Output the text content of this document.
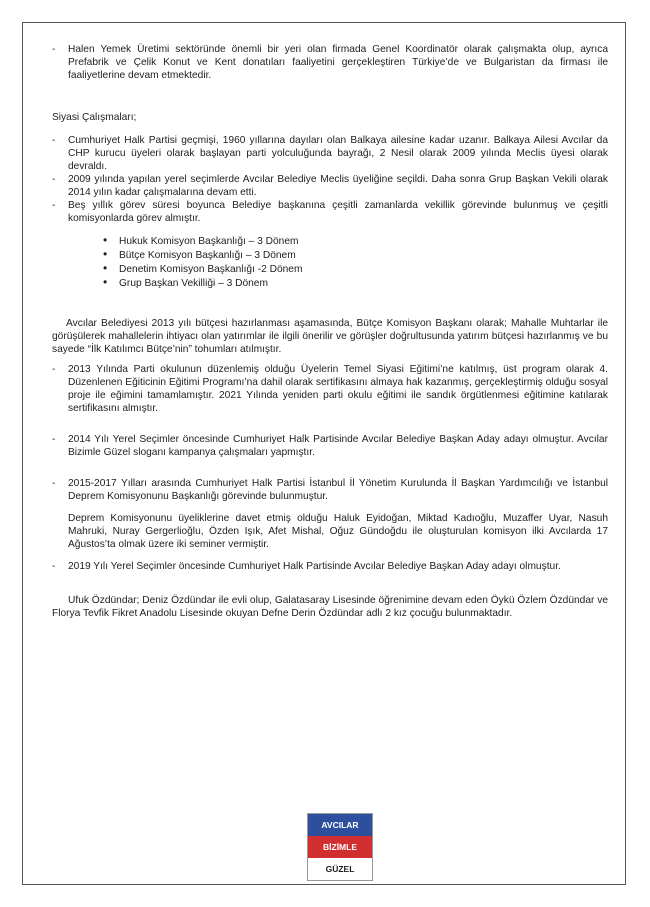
- Halen Yemek Üretimi sektöründe önemli bir yeri olan firmada Genel Koordinatör olarak çalışmakta olup, ayrıca Prefabrik ve Çelik Konut ve Kent donatıları faaliyetini gerçekleştiren Türkiye’de ve Bulgaristan da firması ile faaliyetlerine devam etmektedir.
Siyasi Çalışmaları;
- Cumhuriyet Halk Partisi geçmişi, 1960 yıllarına dayıları olan Balkaya ailesine kadar uzanır. Balkaya Ailesi Avcılar da CHP kurucu üyeleri olarak başlayan parti yolculuğunda bayrağı, 2 Nesil olarak 2009 yılında Meclis üyesi olarak devraldı.
- 2009 yılında yapılan yerel seçimlerde Avcılar Belediye Meclis üyeliğine seçildi. Daha sonra Grup Başkan Vekili olarak 2014 yılın kadar çalışmalarına devam etti.
- Beş yıllık görev süresi boyunca Belediye başkanına çeşitli zamanlarda vekillik görevinde bulunmuş ve çeşitli komisyonlarda görev almıştır.
• Hukuk Komisyon Başkanlığı – 3 Dönem
• Bütçe Komisyon Başkanlığı – 3 Dönem
• Denetim Komisyon Başkanlığı -2 Dönem
• Grup Başkan Vekilliği – 3 Dönem
Avcılar Belediyesi 2013 yılı bütçesi hazırlanması aşamasında, Bütçe Komisyon Başkanı olarak; Mahalle Muhtarlar ile görüşülerek mahallelerin ihtiyacı olan yatırımlar ile ilgili önerilir ve görüşler doğrultusunda yatırım bütçesi hazırlanmış ve bu sayede “İlk Katılımcı Bütçe’nin” tohumları atılmıştır.
- 2013 Yılında Parti okulunun düzenlemiş olduğu Üyelerin Temel Siyasi Eğitimi’ne katılmış, üst program olarak 4. Düzenlenen Eğiticinin Eğitimi Programı’na dahil olarak sertifikasını almaya hak kazanmış, gerçekleştirmiş olduğu sosyal proje ile eğimini tamamlamıştır. 2021 Yılında yeniden parti okulu eğitimi ile sandık örgütlenmesi eğitimine katılarak sertifikasını almıştır.
- 2014 Yılı Yerel Seçimler öncesinde Cumhuriyet Halk Partisinde Avcılar Belediye Başkan Aday adayı olmuştur. Avcılar Bizimle Güzel sloganı kampanya çalışmaları yapmıştır.
- 2015-2017 Yılları arasında Cumhuriyet Halk Partisi İstanbul İl Yönetim Kurulunda İl Başkan Yardımcılığı ve İstanbul Deprem Komisyonunu Başkanlığı görevinde bulunmuştur.
Deprem Komisyonunu üyeliklerine davet etmiş olduğu Haluk Eyidoğan, Miktad Kadıoğlu, Muzaffer Uyar, Nasuh Mahruki, Nuray Gergerlioğlu, Özden Işık, Afet Mishal, Oğuz Gündoğdu ile oluşturulan komisyon ilki Avcılarda 17 Ağustos’ta olmak üzere iki seminer vermiştir.
- 2019 Yılı Yerel Seçimler öncesinde Cumhuriyet Halk Partisinde Avcılar Belediye Başkan Aday adayı olmuştur.
Ufuk Özdündar; Deniz Özdündar ile evli olup, Galatasaray Lisesinde öğrenimine devam eden Öykü Özlem Özdündar ve Florya Tevfik Fikret Anadolu Lisesinde okuyan Defne Derin Özdündar adlı 2 kız çocuğu bulunmaktadır.
AVCILAR
BİZİMLE
GÜZEL
